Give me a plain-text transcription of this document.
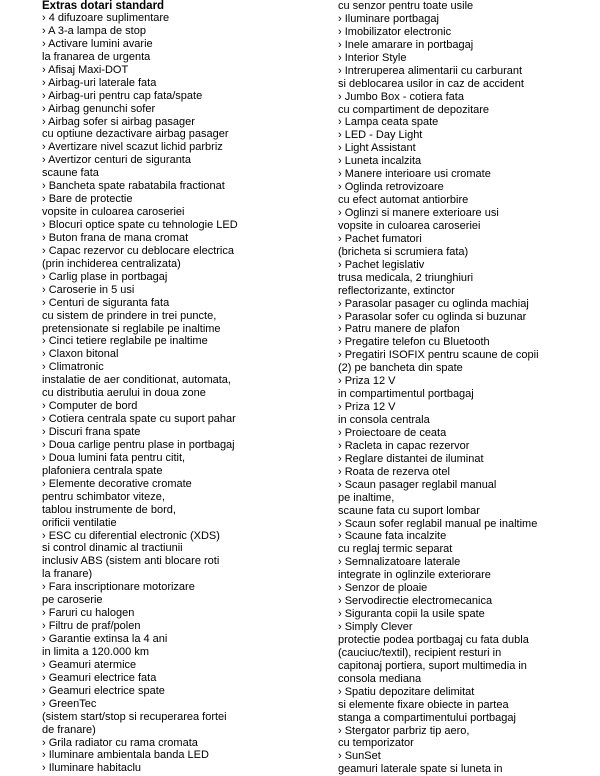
Extras dotari standard
› 4 difuzoare suplimentare
› A 3-a lampa de stop
› Activare lumini avarie
la franarea de urgenta
› Afisaj Maxi-DOT
› Airbag-uri laterale fata
› Airbag-uri pentru cap fata/spate
› Airbag genunchi sofer
› Airbag sofer si airbag pasager
cu optiune dezactivare airbag pasager
› Avertizare nivel scazut lichid parbriz
› Avertizor centuri de siguranta
scaune fata
› Bancheta spate rabatabila fractionat
› Bare de protectie
vopsite in culoarea caroseriei
› Blocuri optice spate cu tehnologie LED
› Buton frana de mana cromat
› Capac rezervor cu deblocare electrica
(prin inchiderea centralizata)
› Carlig plase in portbagaj
› Caroserie in 5 usi
› Centuri de siguranta fata
cu sistem de prindere in trei puncte,
pretensionate si reglabile pe inaltime
› Cinci tetiere reglabile pe inaltime
› Claxon bitonal
› Climatronic
instalatie de aer conditionat, automata,
cu distributia aerului in doua zone
› Computer de bord
› Cotiera centrala spate cu suport pahar
› Discuri frana spate
› Doua carlige pentru plase in portbagaj
› Doua lumini fata pentru citit,
plafoniera centrala spate
› Elemente decorative cromate
pentru schimbator viteze,
tablou instrumente de bord,
orificii ventilatie
› ESC cu diferential electronic (XDS)
si control dinamic al tractiunii
inclusiv ABS (sistem anti blocare roti
la franare)
› Fara inscriptionare motorizare
pe caroserie
› Faruri cu halogen
› Filtru de praf/polen
› Garantie extinsa la 4 ani
in limita a 120.000 km
› Geamuri atermice
› Geamuri electrice fata
› Geamuri electrice spate
› GreenTec
(sistem start/stop si recuperarea fortei
de franare)
› Grila radiator cu rama cromata
› Iluminare ambientala banda LED
› Iluminare habitaclu
cu senzor pentru toate usile
› Iluminare portbagaj
› Imobilizator electronic
› Inele amarare in portbagaj
› Interior Style
› Intreruperea alimentarii cu carburant
si deblocarea usilor in caz de accident
› Jumbo Box - cotiera fata
cu compartiment de depozitare
› Lampa ceata spate
› LED - Day Light
› Light Assistant
› Luneta incalzita
› Manere interioare usi cromate
› Oglinda retrovizoare
cu efect automat antiorbire
› Oglinzi si manere exterioare usi
vopsite in culoarea caroseriei
› Pachet fumatori
(bricheta si scrumiera fata)
› Pachet legislativ
trusa medicala, 2 triunghiuri
reflectorizante, extinctor
› Parasolar pasager cu oglinda machiaj
› Parasolar sofer cu oglinda si buzunar
› Patru manere de plafon
› Pregatire telefon cu Bluetooth
› Pregatiri ISOFIX pentru scaune de copii
(2) pe bancheta din spate
› Priza 12 V
in compartimentul portbagaj
› Priza 12 V
in consola centrala
› Proiectoare de ceata
› Racleta in capac rezervor
› Reglare distantei de iluminat
› Roata de rezerva otel
› Scaun pasager reglabil manual
pe inaltime,
scaune fata cu suport lombar
› Scaun sofer reglabil manual pe inaltime
› Scaune fata incalzite
cu reglaj termic separat
› Semnalizatoare laterale
integrate in oglinzile exteriorare
› Senzor de ploaie
› Servodirectie electromecanica
› Siguranta copii la usile spate
› Simply Clever
protectie podea portbagaj cu fata dubla
(cauciuc/textil), recipient resturi in
capitonaj portiera, suport multimedia in
consola mediana
› Spatiu depozitare delimitat
si elemente fixare obiecte in partea
stanga a compartimentului portbagaj
› Stergator parbriz tip aero,
cu temporizator
› SunSet
geamuri laterale spate si luneta in
